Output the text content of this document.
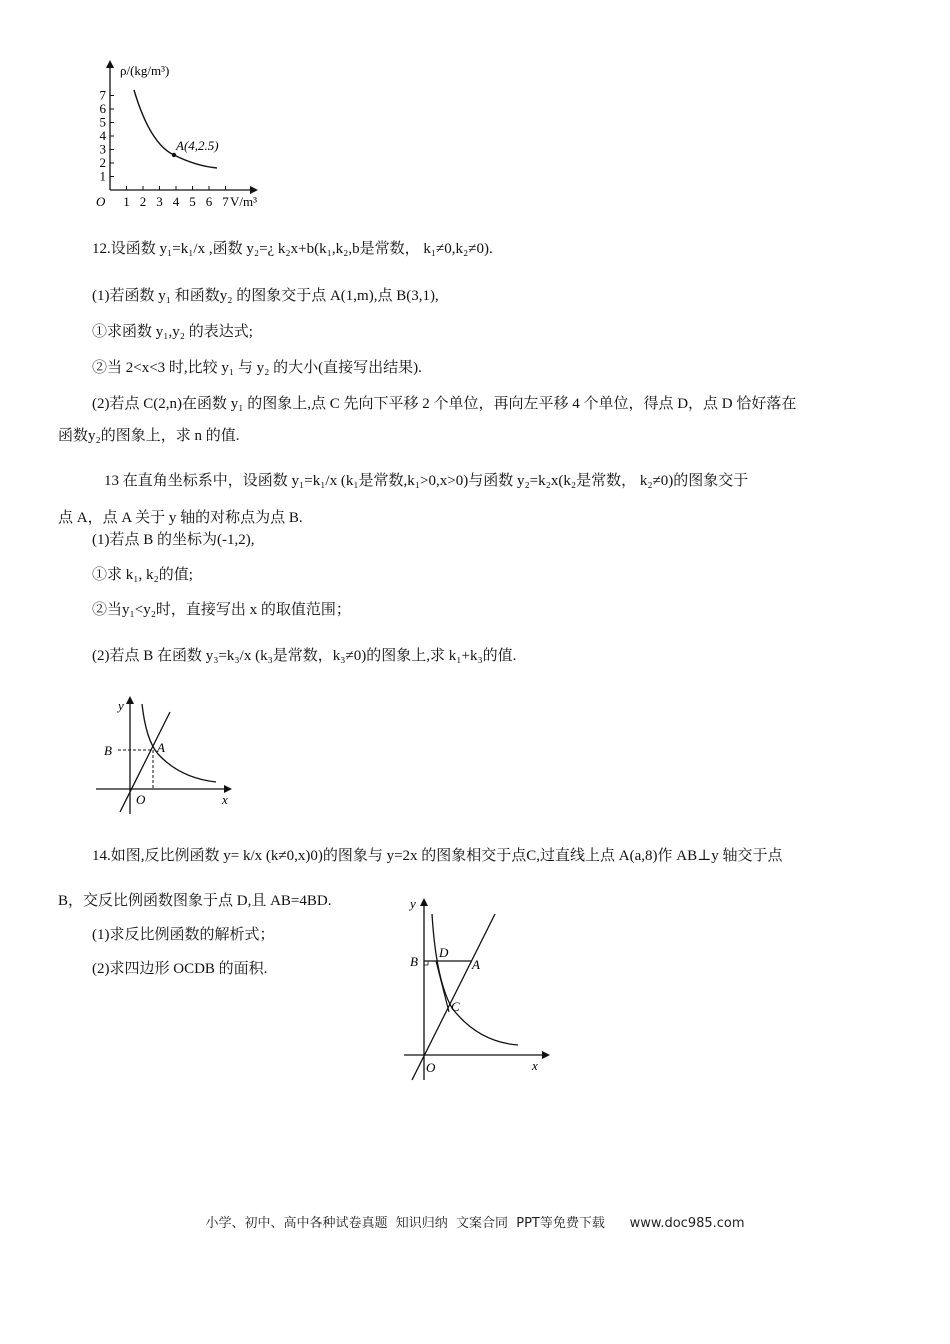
1 2 3 4 5 6 7
1
2
3
4
5
6
7
A(4,2.5)
ρ/(kg/m³)
V/m³
O
12.设函数 y₁=k₁/x ,函数 y₂=¿ k₂x+b(k₁,k₂,b是常数， k₁≠0,k₂≠0).
(1)若函数 y₁ 和函数y₂ 的图象交于点 A(1,m),点 B(3,1),
①求函数 y₁,y₂ 的表达式;
②当 2<x<3 时,比较 y₁ 与 y₂ 的大小(直接写出结果).
(2)若点 C(2,n)在函数 y₁ 的图象上,点 C 先向下平移 2 个单位，再向左平移 4 个单位，得点 D，点 D 恰好落在
函数y₂的图象上，求 n 的值.
13 在直角坐标系中，设函数 y₁=k₁/x (k₁是常数,k₁>0,x>0)与函数 y₂=k₂x(k₂是常数， k₂≠0)的图象交于
点 A，点 A 关于 y 轴的对称点为点 B.
(1)若点 B 的坐标为(-1,2),
①求 k₁, k₂的值;
②当y₁<y₂时，直接写出 x 的取值范围；
(2)若点 B 在函数 y₃=k₃/x (k₃是常数，k₃≠0)的图象上,求 k₁+k₃的值.
y
x
O
B	A
14.如图,反比例函数 y= k/x (k≠0,x)0)的图象与 y=2x 的图象相交于点C,过直线上点 A(a,8)作 AB⊥y 轴交于点
B，交反比例函数图象于点 D,且 AB=4BD.
(1)求反比例函数的解析式；
(2)求四边形 OCDB 的面积.
y
x
O
B
D
A
C
小学、初中、高中各种试卷真题  知识归纳  文案合同  PPT等免费下载      www.doc985.com
